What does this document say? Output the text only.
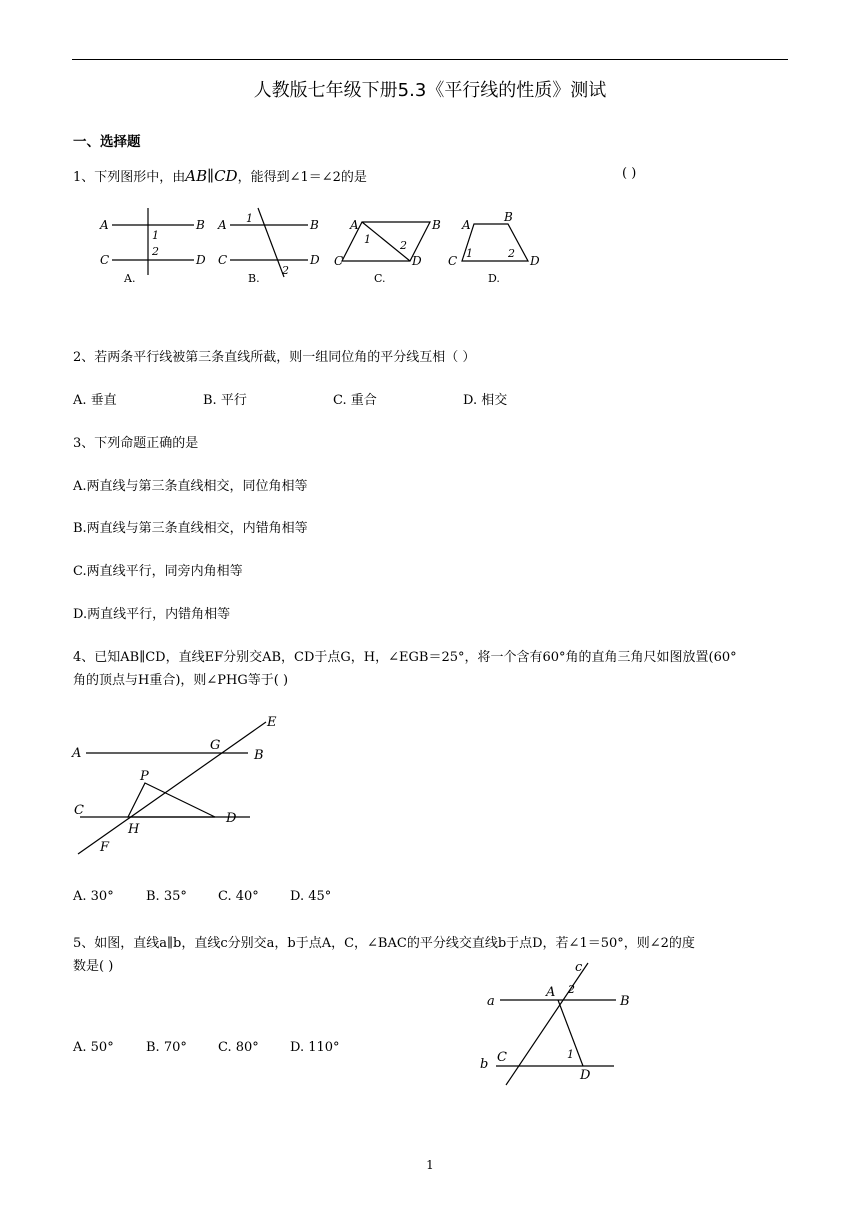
人教版七年级下册5.3《平行线的性质》测试
一、选择题
1、下列图形中，由AB∥CD，能得到∠1＝∠2的是	( )
A	B
C	D
1
2
A.
A	B
C	D
1
2
B.
A	B
C	D
1	2
C.
A
B
C	D
1	2
D.
2、若两条平行线被第三条直线所截，则一组同位角的平分线互相（ ）
A. 垂直	B. 平行	C. 重合	D. 相交
3、下列命题正确的是
A.两直线与第三条直线相交，同位角相等
B.两直线与第三条直线相交，内错角相等
C.两直线平行，同旁内角相等
D.两直线平行，内错角相等
4、已知AB∥CD，直线EF分别交AB，CD于点G，H，∠EGB＝25°，将一个含有60°角的直角三角尺如图放置(60°
角的顶点与H重合)，则∠PHG等于( )
A	B
C
D
E
F
G
H
P
A. 30° B. 35° C. 40° D. 45°
5、如图，直线a∥b，直线c分别交a，b于点A，C，∠BAC的平分线交直线b于点D，若∠1＝50°，则∠2的度
数是( )
a
b
c
A
B
C
D
1
2
A. 50° B. 70° C. 80° D. 110°
1
